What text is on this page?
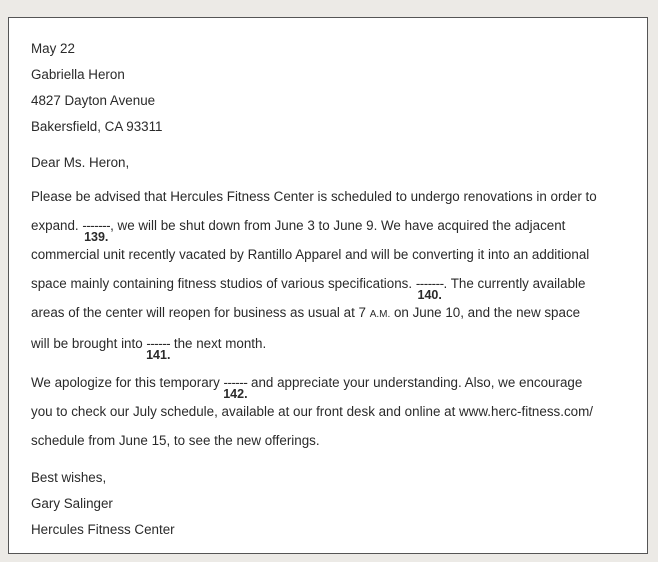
May 22
Gabriella Heron
4827 Dayton Avenue
Bakersfield, CA 93311
Dear Ms. Heron,
Please be advised that Hercules Fitness Center is scheduled to undergo renovations in order to
expand. -------
139.
, we will be shut down from June 3 to June 9. We have acquired the adjacent
commercial unit recently vacated by Rantillo Apparel and will be converting it into an additional
space mainly containing fitness studios of various specifications. -------
140.
. The currently available
areas of the center will reopen for business as usual at 7 A.M. on June 10, and the new space
will be brought into ------
141.
the next month.
We apologize for this temporary ------
142.
and appreciate your understanding. Also, we encourage
you to check our July schedule, available at our front desk and online at www.herc-fitness.com/
schedule from June 15, to see the new offerings.
Best wishes,
Gary Salinger
Hercules Fitness Center
